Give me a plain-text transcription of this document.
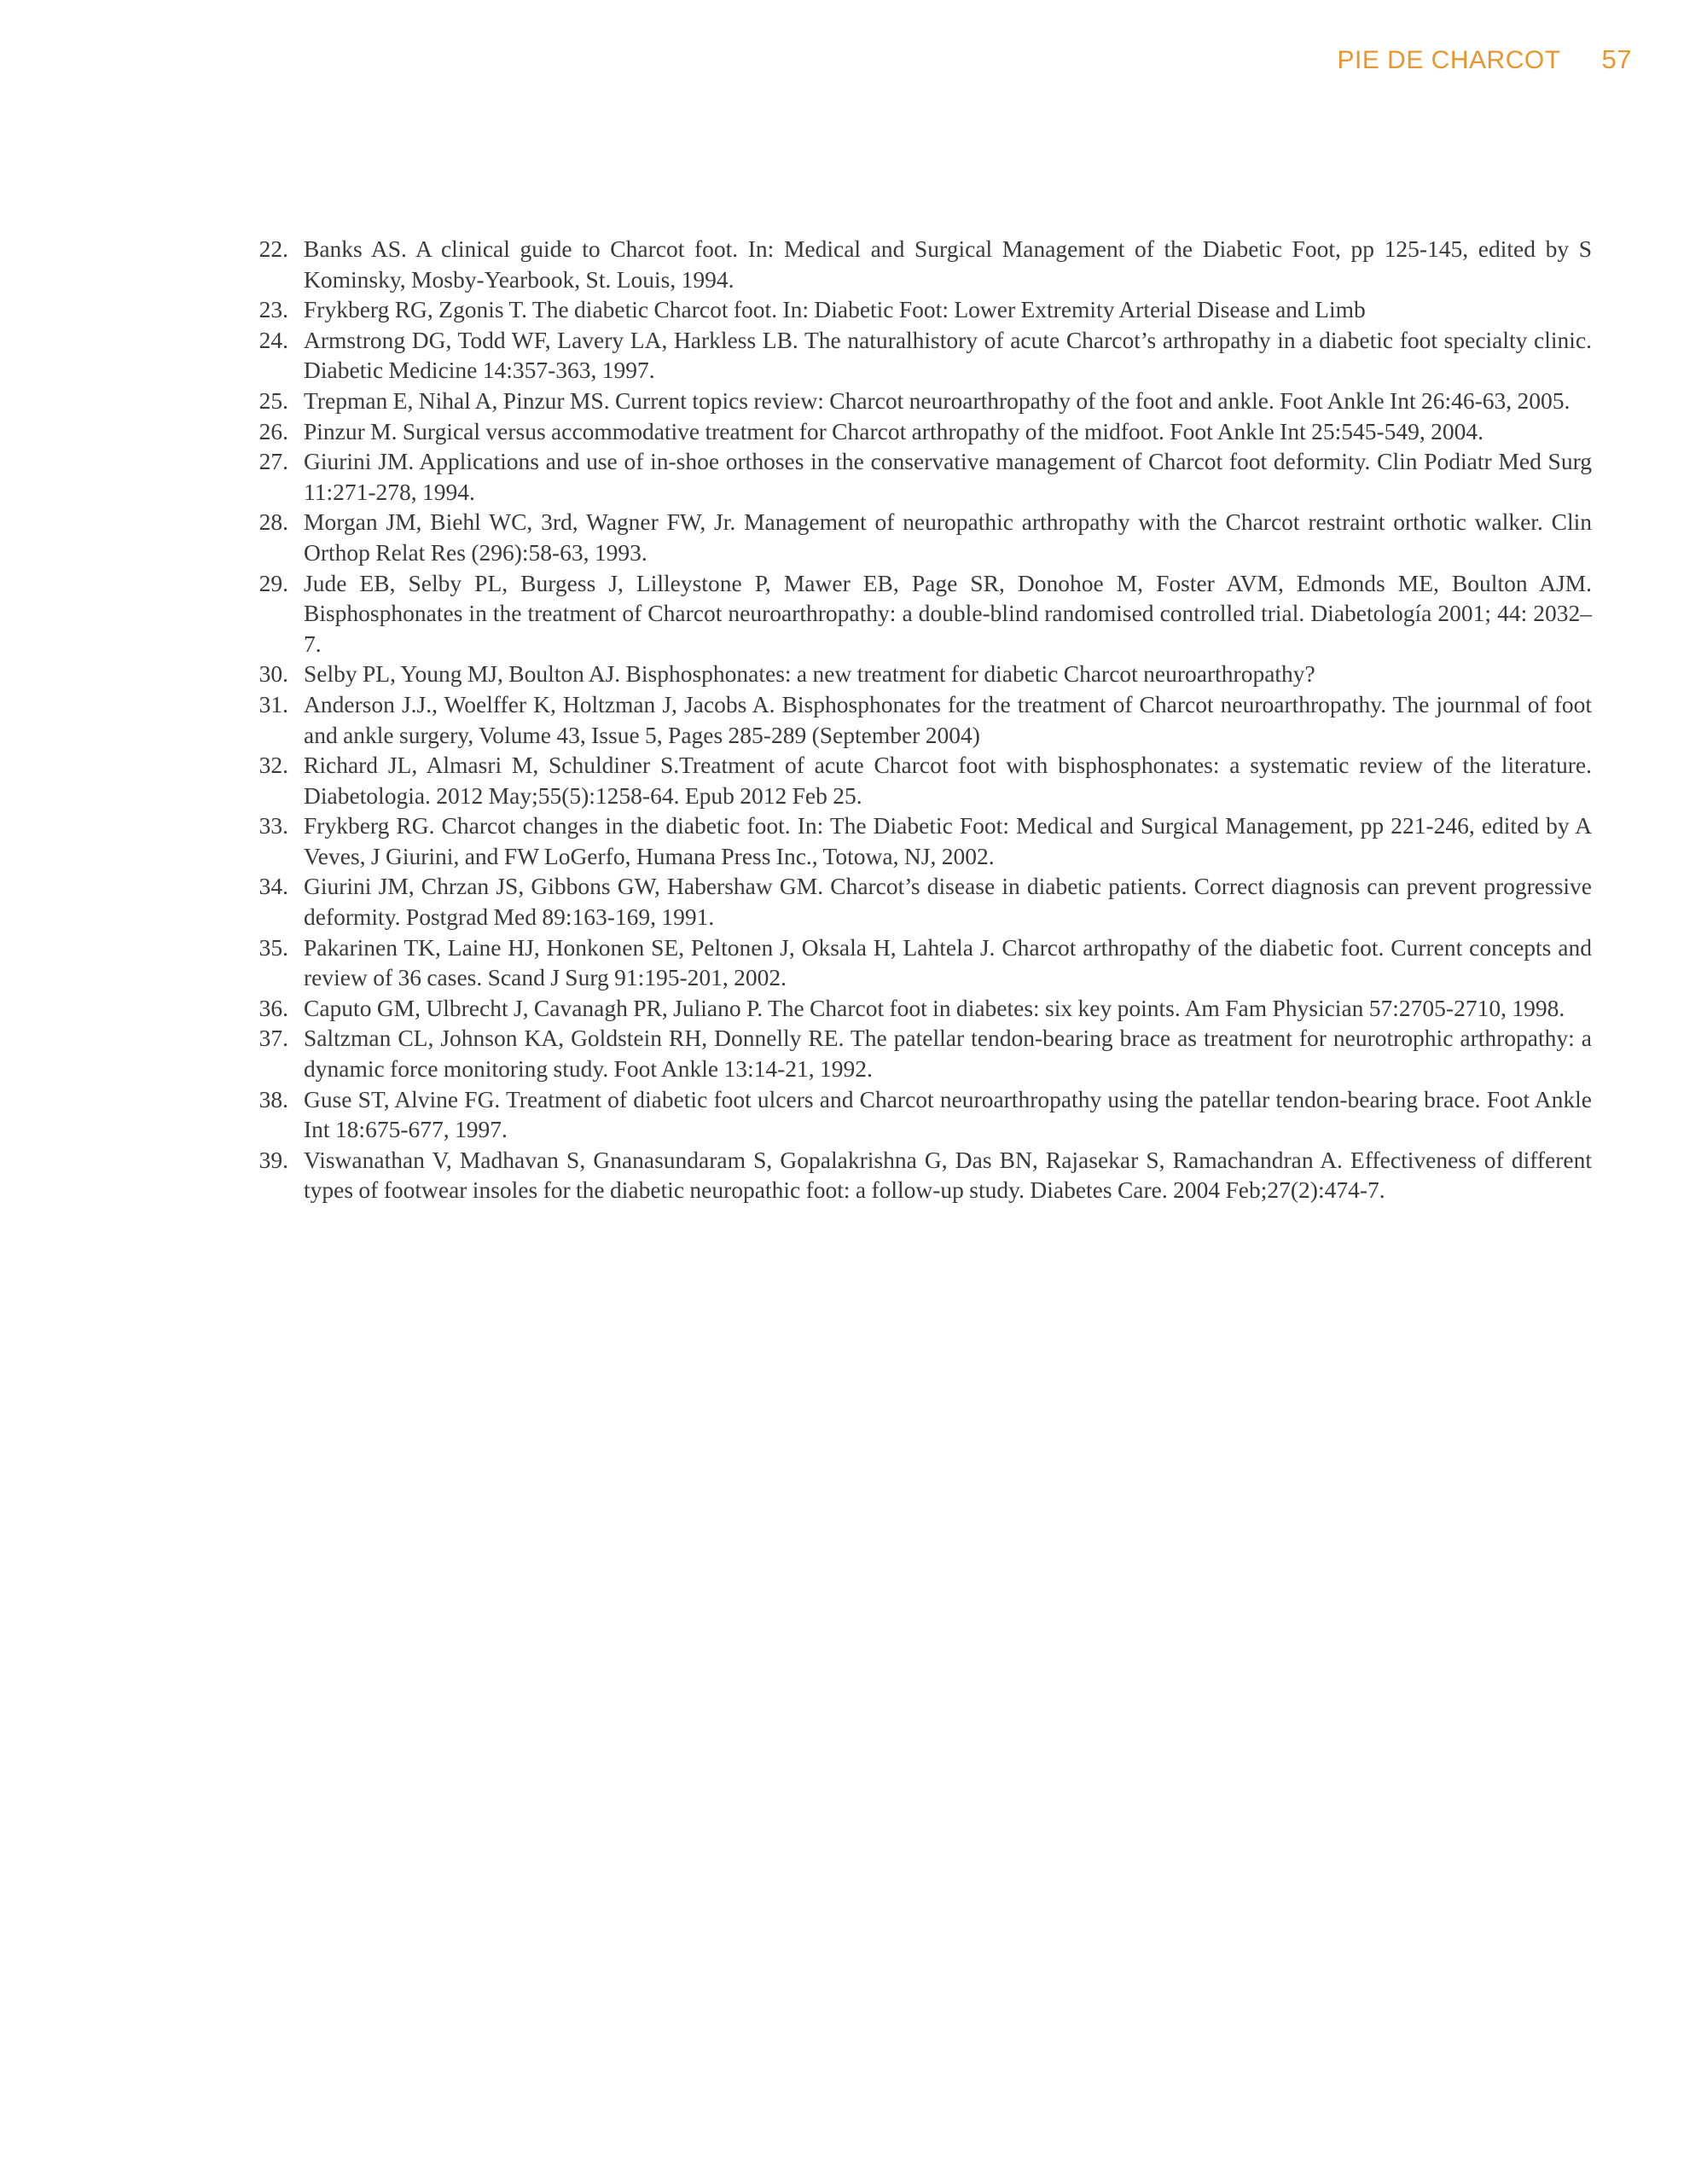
PIE DE CHARCOT 57
22. Banks AS. A clinical guide to Charcot foot. In: Medical and Surgical Management of the Diabetic Foot, pp 125-145, edited by S Kominsky, Mosby-Yearbook, St. Louis, 1994.
23. Frykberg RG, Zgonis T. The diabetic Charcot foot. In: Diabetic Foot: Lower Extremity Arterial Disease and Limb
24. Armstrong DG, Todd WF, Lavery LA, Harkless LB. The naturalhistory of acute Charcot’s arthropathy in a diabetic foot specialty clinic. Diabetic Medicine 14:357-363, 1997.
25. Trepman E, Nihal A, Pinzur MS. Current topics review: Charcot neuroarthropathy of the foot and ankle. Foot Ankle Int 26:46-63, 2005.
26. Pinzur M. Surgical versus accommodative treatment for Charcot arthropathy of the midfoot. Foot Ankle Int 25:545-549, 2004.
27. Giurini JM. Applications and use of in-shoe orthoses in the conservative management of Charcot foot deformity. Clin Podiatr Med Surg 11:271-278, 1994.
28. Morgan JM, Biehl WC, 3rd, Wagner FW, Jr. Management of neuropathic arthropathy with the Charcot restraint orthotic walker. Clin Orthop Relat Res (296):58-63, 1993.
29. Jude EB, Selby PL, Burgess J, Lilleystone P, Mawer EB, Page SR, Donohoe M, Foster AVM, Edmonds ME, Boulton AJM. Bisphosphonates in the treatment of Charcot neuroarthropathy: a double-blind randomised controlled trial. Diabetología 2001; 44: 2032–7.
30. Selby PL, Young MJ, Boulton AJ. Bisphosphonates: a new treatment for diabetic Charcot neuroarthropathy?
31. Anderson J.J., Woelffer K, Holtzman J, Jacobs A. Bisphosphonates for the treatment of Charcot neuroarthropathy. The journmal of foot and ankle surgery, Volume 43, Issue 5, Pages 285-289 (September 2004)
32. Richard JL, Almasri M, Schuldiner S.Treatment of acute Charcot foot with bisphosphonates: a systematic review of the literature. Diabetologia. 2012 May;55(5):1258-64. Epub 2012 Feb 25.
33. Frykberg RG. Charcot changes in the diabetic foot. In: The Diabetic Foot: Medical and Surgical Management, pp 221-246, edited by A Veves, J Giurini, and FW LoGerfo, Humana Press Inc., Totowa, NJ, 2002.
34. Giurini JM, Chrzan JS, Gibbons GW, Habershaw GM. Charcot’s disease in diabetic patients. Correct diagnosis can prevent progressive deformity. Postgrad Med 89:163-169, 1991.
35. Pakarinen TK, Laine HJ, Honkonen SE, Peltonen J, Oksala H, Lahtela J. Charcot arthropathy of the diabetic foot. Current concepts and review of 36 cases. Scand J Surg 91:195-201, 2002.
36. Caputo GM, Ulbrecht J, Cavanagh PR, Juliano P. The Charcot foot in diabetes: six key points. Am Fam Physician 57:2705-2710, 1998.
37. Saltzman CL, Johnson KA, Goldstein RH, Donnelly RE. The patellar tendon-bearing brace as treatment for neurotrophic arthropathy: a dynamic force monitoring study. Foot Ankle 13:14-21, 1992.
38. Guse ST, Alvine FG. Treatment of diabetic foot ulcers and Charcot neuroarthropathy using the patellar tendon-bearing brace. Foot Ankle Int 18:675-677, 1997.
39. Viswanathan V, Madhavan S, Gnanasundaram S, Gopalakrishna G, Das BN, Rajasekar S, Ramachandran A. Effectiveness of different types of footwear insoles for the diabetic neuropathic foot: a follow-up study. Diabetes Care. 2004 Feb;27(2):474-7.
